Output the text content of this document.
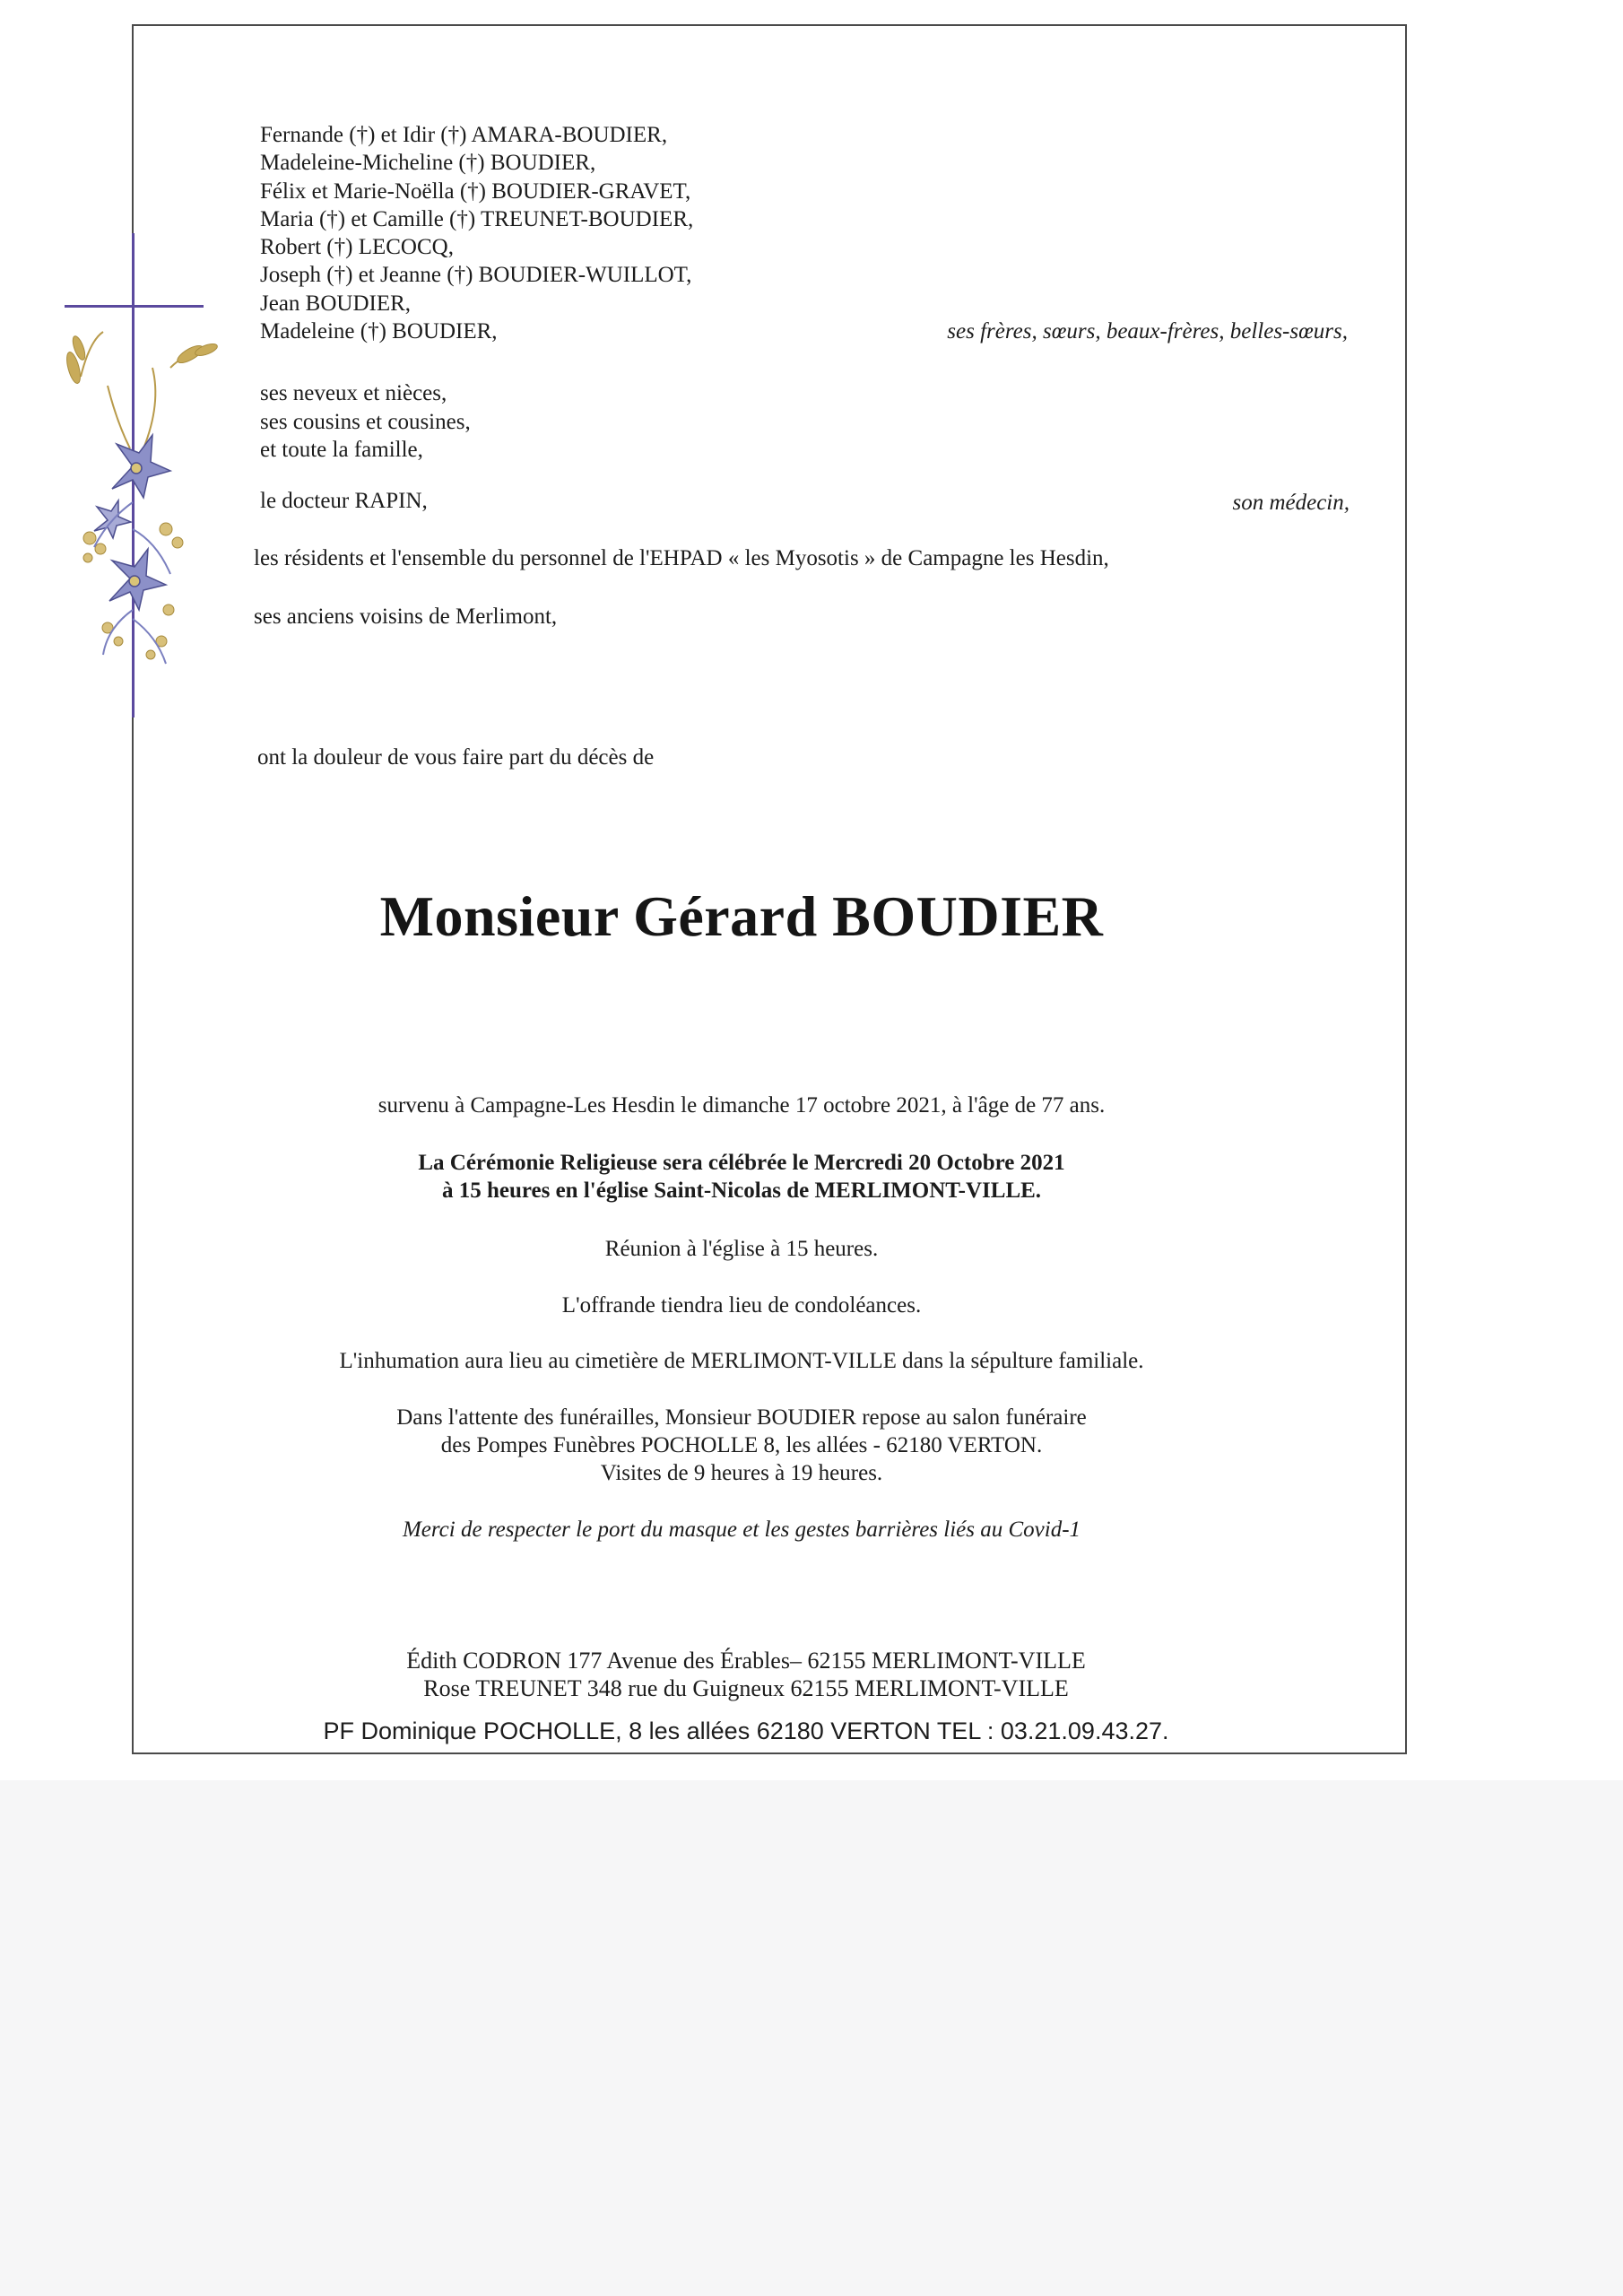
Fernande (†) et Idir (†) AMARA-BOUDIER,
Madeleine-Micheline (†) BOUDIER,
Félix et Marie-Noëlla (†) BOUDIER-GRAVET,
Maria (†) et Camille (†) TREUNET-BOUDIER,
Robert (†) LECOCQ,
Joseph (†) et Jeanne (†) BOUDIER-WUILLOT,
Jean BOUDIER,
Madeleine (†) BOUDIER,	ses frères, sœurs, beaux-frères, belles-sœurs,
ses neveux et nièces,
ses cousins et cousines,
et toute la famille,
le docteur RAPIN,	son médecin,
les résidents et l'ensemble du personnel de l'EHPAD « les Myosotis » de Campagne les Hesdin,
ses anciens voisins de Merlimont,
ont la douleur de vous faire part du décès de
Monsieur Gérard BOUDIER
survenu à Campagne-Les Hesdin le dimanche 17 octobre 2021, à l'âge de 77 ans.
La Cérémonie Religieuse sera célébrée le Mercredi 20 Octobre 2021
à 15 heures en l'église Saint-Nicolas de MERLIMONT-VILLE.
Réunion à l'église à 15 heures.
L'offrande tiendra lieu de condoléances.
L'inhumation aura lieu au cimetière de MERLIMONT-VILLE dans la sépulture familiale.
Dans l'attente des funérailles, Monsieur BOUDIER repose au salon funéraire
des Pompes Funèbres POCHOLLE 8, les allées - 62180 VERTON.
Visites de 9 heures à 19 heures.
Merci de respecter le port du masque et les gestes barrières liés au Covid-1
Édith CODRON 177 Avenue des Érables– 62155 MERLIMONT-VILLE
Rose TREUNET 348 rue du Guigneux 62155 MERLIMONT-VILLE
PF Dominique POCHOLLE, 8 les allées 62180 VERTON TEL : 03.21.09.43.27.
